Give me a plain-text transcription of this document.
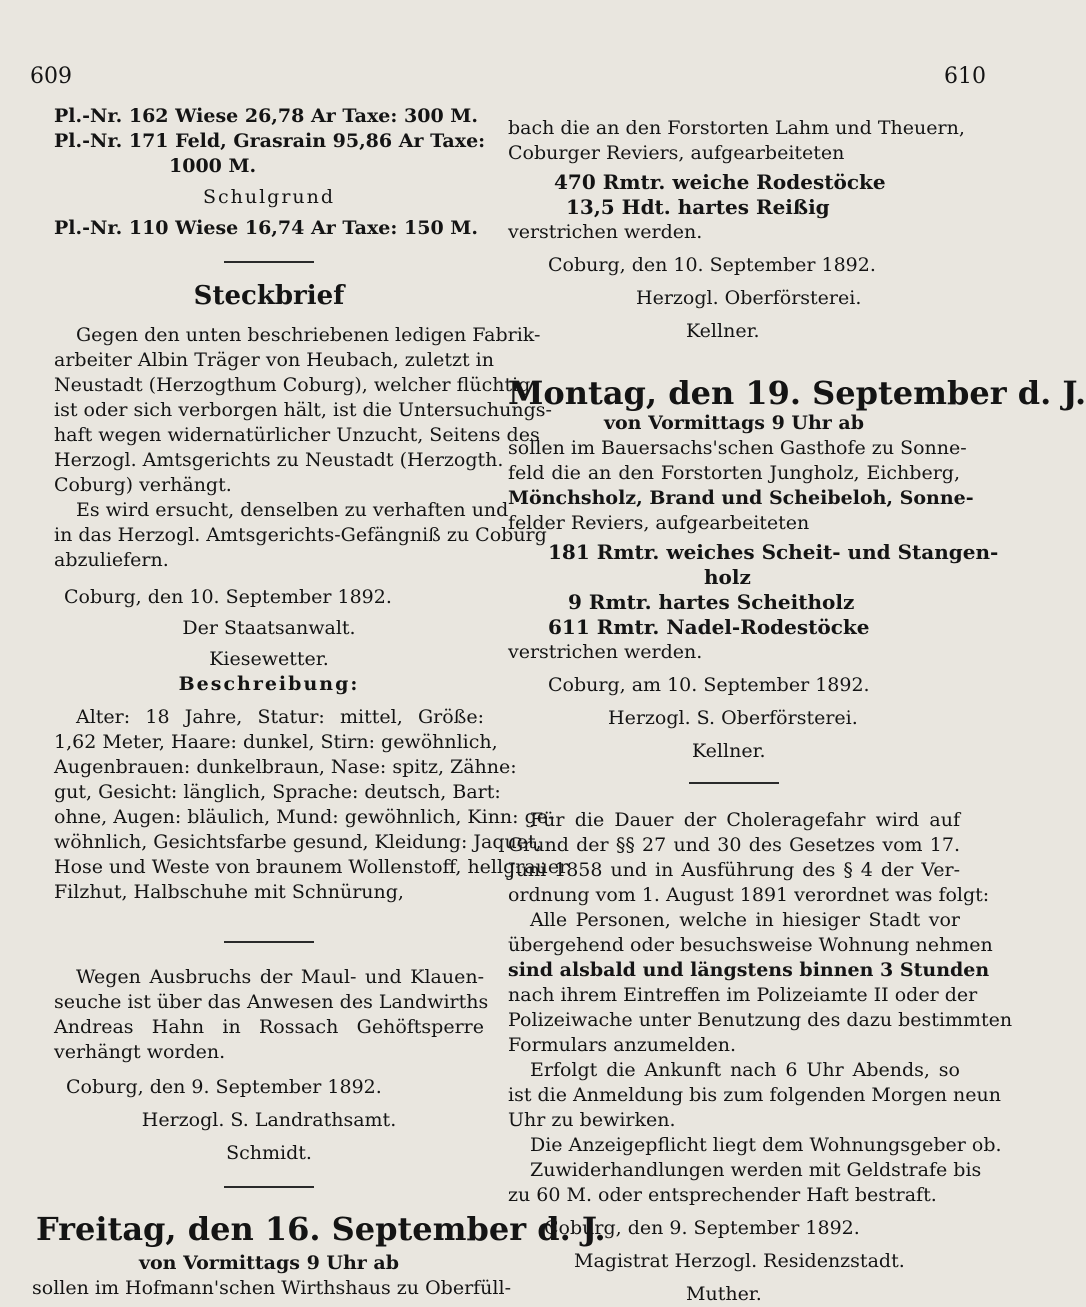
609	610
Pl.-Nr. 162 Wiese 26,78 Ar Taxe: 300 M.
Pl.-Nr. 171 Feld, Grasrain 95,86 Ar Taxe:
1000 M.
Schulgrund
Pl.-Nr. 110 Wiese 16,74 Ar Taxe: 150 M.
Steckbrief
Gegen den unten beschriebenen ledigen Fabrik-
arbeiter Albin Träger von Heubach, zuletzt in
Neustadt (Herzogthum Coburg), welcher flüchtig
ist oder sich verborgen hält, ist die Untersuchungs-
haft wegen widernatürlicher Unzucht, Seitens des
Herzogl. Amtsgerichts zu Neustadt (Herzogth.
Coburg) verhängt.
Es wird ersucht, denselben zu verhaften und
in das Herzogl. Amtsgerichts-Gefängniß zu Coburg
abzuliefern.
Coburg, den 10. September 1892.
Der Staatsanwalt.
Kiesewetter.
Beschreibung:
Alter: 18 Jahre, Statur: mittel, Größe:
1,62 Meter, Haare: dunkel, Stirn: gewöhnlich,
Augenbrauen: dunkelbraun, Nase: spitz, Zähne:
gut, Gesicht: länglich, Sprache: deutsch, Bart:
ohne, Augen: bläulich, Mund: gewöhnlich, Kinn: ge-
wöhnlich, Gesichtsfarbe gesund, Kleidung: Jaquet,
Hose und Weste von braunem Wollenstoff, hellgrauer
Filzhut, Halbschuhe mit Schnürung,
Wegen Ausbruchs der Maul- und Klauen-
seuche ist über das Anwesen des Landwirths
Andreas Hahn in Rossach Gehöftsperre
verhängt worden.
Coburg, den 9. September 1892.
Herzogl. S. Landrathsamt.
Schmidt.
Freitag, den 16. September d. J.
von Vormittags 9 Uhr ab
sollen im Hofmann'schen Wirthshaus zu Oberfüll-
bach die an den Forstorten Lahm und Theuern,
Coburger Reviers, aufgearbeiteten
470 Rmtr. weiche Rodestöcke
13,5 Hdt. hartes Reißig
verstrichen werden.
Coburg, den 10. September 1892.
Herzogl. Oberförsterei.
Kellner.
Montag, den 19. September d. J.
von Vormittags 9 Uhr ab
sollen im Bauersachs'schen Gasthofe zu Sonne-
feld die an den Forstorten Jungholz, Eichberg,
Mönchsholz, Brand und Scheibeloh, Sonne-
felder Reviers, aufgearbeiteten
181 Rmtr. weiches Scheit- und Stangen-
holz
9 Rmtr. hartes Scheitholz
611 Rmtr. Nadel-Rodestöcke
verstrichen werden.
Coburg, am 10. September 1892.
Herzogl. S. Oberförsterei.
Kellner.
Für die Dauer der Choleragefahr wird auf
Grund der §§ 27 und 30 des Gesetzes vom 17.
Juni 1858 und in Ausführung des § 4 der Ver-
ordnung vom 1. August 1891 verordnet was folgt:
Alle Personen, welche in hiesiger Stadt vor
übergehend oder besuchsweise Wohnung nehmen
sind alsbald und längstens binnen 3 Stunden
nach ihrem Eintreffen im Polizeiamte II oder der
Polizeiwache unter Benutzung des dazu bestimmten
Formulars anzumelden.
Erfolgt die Ankunft nach 6 Uhr Abends, so
ist die Anmeldung bis zum folgenden Morgen neun
Uhr zu bewirken.
Die Anzeigepflicht liegt dem Wohnungsgeber ob.
Zuwiderhandlungen werden mit Geldstrafe bis
zu 60 M. oder entsprechender Haft bestraft.
Coburg, den 9. September 1892.
Magistrat Herzogl. Residenzstadt.
Muther.
